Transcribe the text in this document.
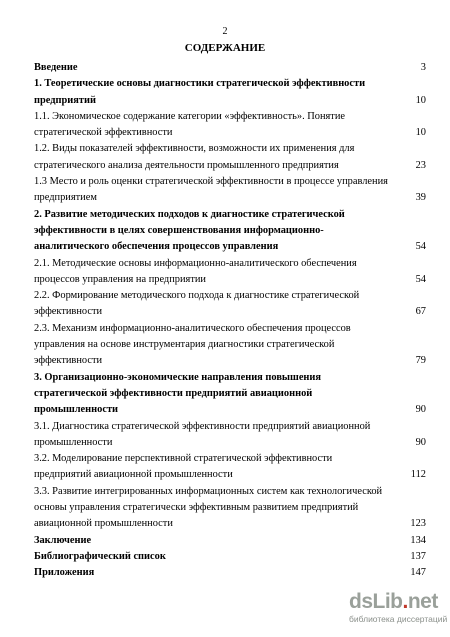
2
СОДЕРЖАНИЕ
Введение	3
1. Теоретические основы диагностики стратегической эффективности предприятий	10
1.1. Экономическое содержание категории «эффективность». Понятие стратегической эффективности	10
1.2. Виды показателей эффективности, возможности их применения для стратегического анализа деятельности промышленного предприятия	23
1.3 Место и роль оценки стратегической эффективности в процессе управления предприятием	39
2. Развитие методических подходов к диагностике стратегической эффективности в целях совершенствования информационно-аналитического обеспечения процессов управления	54
2.1. Методические основы информационно-аналитического обеспечения процессов управления на предприятии	54
2.2. Формирование методического подхода к диагностике стратегической эффективности	67
2.3. Механизм информационно-аналитического обеспечения процессов управления на основе инструментария диагностики стратегической эффективности	79
3. Организационно-экономические направления повышения стратегической эффективности предприятий авиационной промышленности	90
3.1. Диагностика стратегической эффективности предприятий авиационной промышленности	90
3.2. Моделирование перспективной стратегической эффективности предприятий авиационной промышленности	112
3.3. Развитие интегрированных информационных систем как технологической основы управления стратегически эффективным развитием предприятий авиационной промышленности	123
Заключение	134
Библиографический список	137
Приложения	147
dsLib.net
библиотека диссертаций
